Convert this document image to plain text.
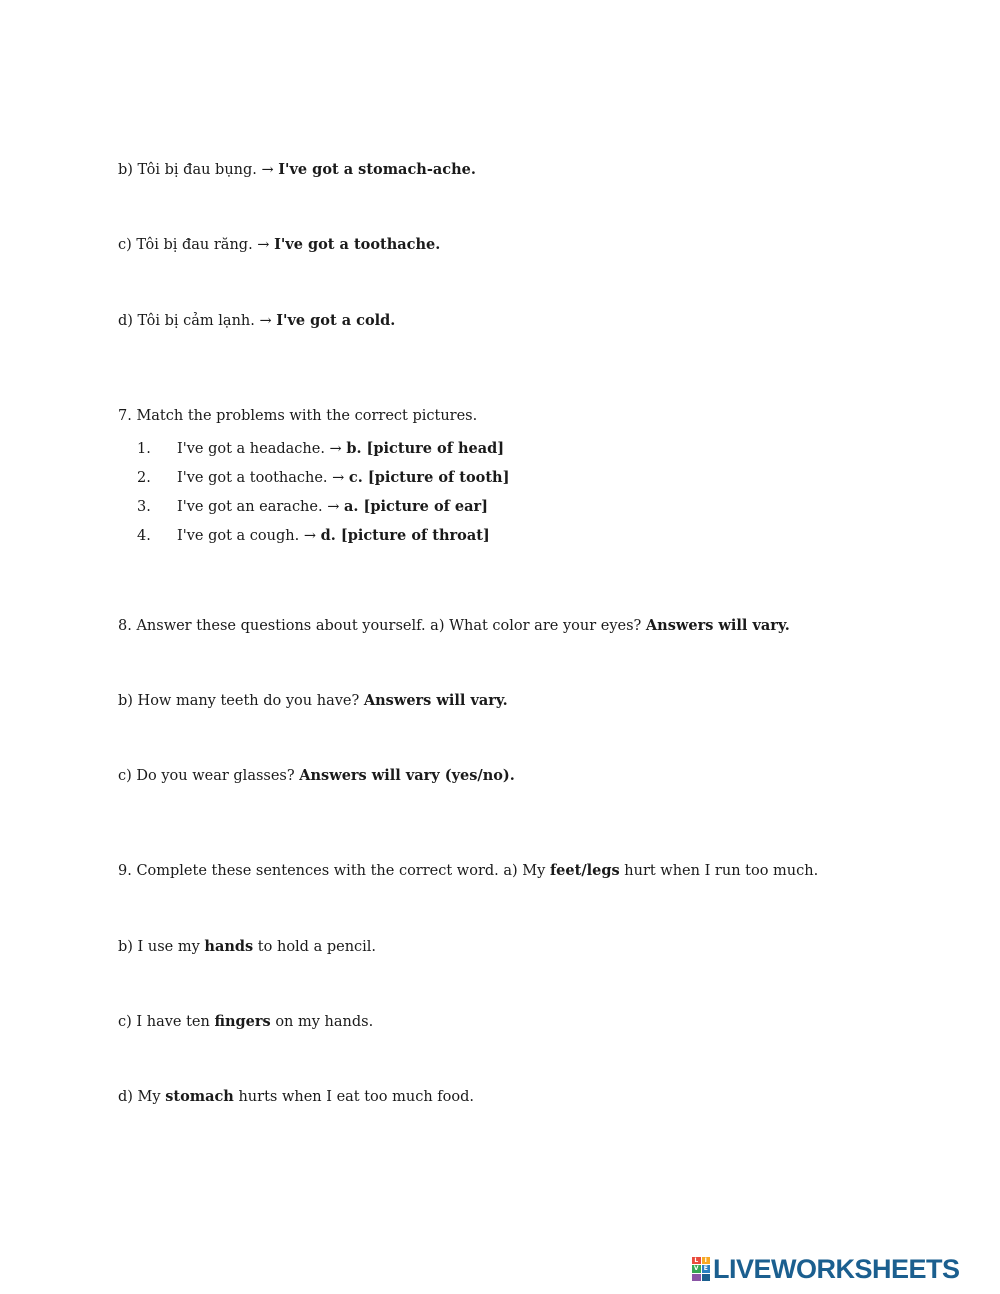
b) Tôi bị đau bụng. → I've got a stomach-ache.
c) Tôi bị đau răng. → I've got a toothache.
d) Tôi bị cảm lạnh. → I've got a cold.
7. Match the problems with the correct pictures.
1. I've got a headache. → b. [picture of head]
2. I've got a toothache. → c. [picture of tooth]
3. I've got an earache. → a. [picture of ear]
4. I've got a cough. → d. [picture of throat]
8. Answer these questions about yourself. a) What color are your eyes? Answers will vary.
b) How many teeth do you have? Answers will vary.
c) Do you wear glasses? Answers will vary (yes/no).
9. Complete these sentences with the correct word. a) My feet/legs hurt when I run too much.
b) I use my hands to hold a pencil.
c) I have ten fingers on my hands.
d) My stomach hurts when I eat too much food.
L	I
V E LIVEWORKSHEETS
